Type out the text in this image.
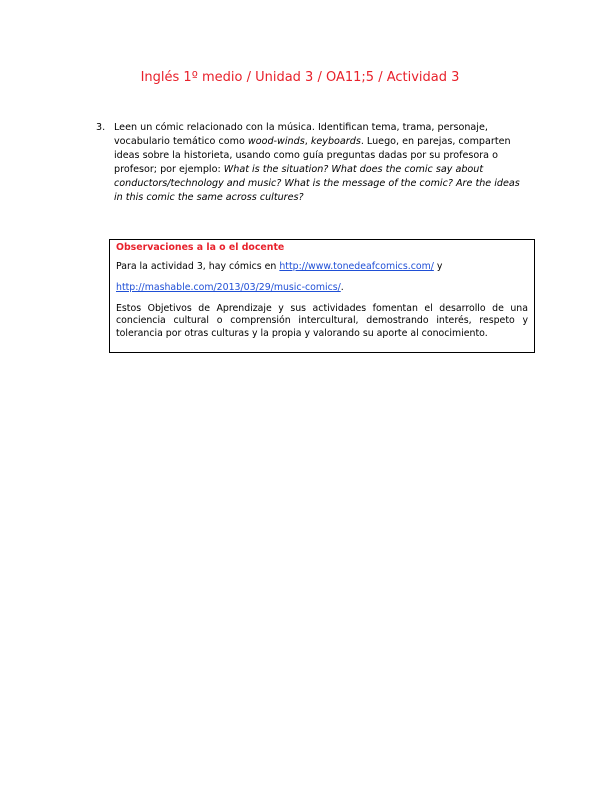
Inglés 1º medio / Unidad 3 / OA11;5 / Actividad 3
3. Leen un cómic relacionado con la música. Identifican tema, trama, personaje, vocabulario temático como wood-winds, keyboards. Luego, en parejas, comparten ideas sobre la historieta, usando como guía preguntas dadas por su profesora o profesor; por ejemplo: What is the situation? What does the comic say about conductors/technology and music? What is the message of the comic? Are the ideas in this comic the same across cultures?
Observaciones a la o el docente
Para la actividad 3, hay cómics en http://www.tonedeafcomics.com/ y
http://mashable.com/2013/03/29/music-comics/.

Estos Objetivos de Aprendizaje y sus actividades fomentan el desarrollo de una conciencia cultural o comprensión intercultural, demostrando interés, respeto y tolerancia por otras culturas y la propia y valorando su aporte al conocimiento.
